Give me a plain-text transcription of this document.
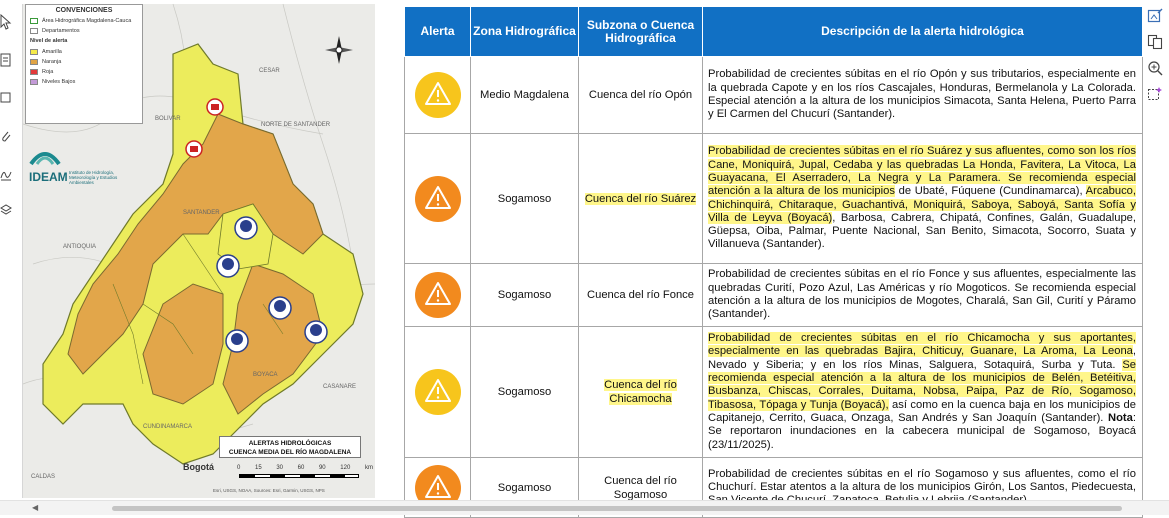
CONVENCIONES
Área Hidrográfica Magdalena-Cauca
Departamentos
Nivel de alerta
Amarilla
Naranja
Roja
Niveles Bajos
IDEAM Instituto de Hidrología, Meteorología y Estudios Ambientales
BOLIVAR
CESAR
NORTE DE SANTANDER
SANTANDER
ANTIOQUIA
BOYACA
CUNDINAMARCA
CASANARE
CALDAS
Bogotá
ALERTAS HIDROLÓGICAS
CUENCA MEDIA DEL RÍO MAGDALENA
0 15 30 60 90 120 km
Esri, USGS, NOAA, Sources: Esri, Garmin, USGS, NPS
Alerta	Zona Hidrográfica	Subzona o Cuenca Hidrográfica	Descripción de la alerta hidrológica

	Medio Magdalena	Cuenca del río Opón	Probabilidad de crecientes súbitas en el río Opón y sus tributarios, especialmente en la quebrada Capote y en los ríos Cascajales, Honduras, Bermelanola y La Colorada. Especial atención a la altura de los municipios Simacota, Santa Helena, Puerto Parra y El Carmen del Chucurí (Santander).

	Sogamoso	Cuenca del río Suárez	Probabilidad de crecientes súbitas en el río Suárez y sus afluentes, como son los ríos Cane, Moniquirá, Jupal, Cedaba y las quebradas La Honda, Favitera, La Vitoca, La Guayacana, El Aserradero, La Negra y La Paramera. Se recomienda especial atención a la altura de los municipios de Ubaté, Fúquene (Cundinamarca), Arcabuco, Chichinquirá, Chitaraque, Guachantivá, Moniquirá, Saboya, Saboyá, Santa Sofía y Villa de Leyva (Boyacá), Barbosa, Cabrera, Chipatá, Confines, Galán, Guadalupe, Güepsa, Oiba, Palmar, Puente Nacional, San Benito, Simacota, Socorro, Suata y Villanueva (Santander).

	Sogamoso	Cuenca del río Fonce	Probabilidad de crecientes súbitas en el río Fonce y sus afluentes, especialmente las quebradas Curití, Pozo Azul, Las Américas y río Mogoticos. Se recomienda especial atención a la altura de los municipios de Mogotes, Charalá, San Gil, Curití y Páramo (Santander).

	Sogamoso	Cuenca del río Chicamocha	Probabilidad de crecientes súbitas en el río Chicamocha y sus aportantes, especialmente en las quebradas Bajira, Chiticuy, Guanare, La Aroma, La Leona, Nevado y Siberia; y en los ríos Minas, Salguera, Sotaquirá, Surba y Tuta. Se recomienda especial atención a la altura de los municipios de Belén, Betéitiva, Busbanza, Chiscas, Corrales, Duitama, Nobsa, Paipa, Paz de Río, Sogamoso, Tibasosa, Tópaga y Tunja (Boyacá), así como en la cuenca baja en los municipios de Capitanejo, Cerrito, Guaca, Onzaga, San Andrés y San Joaquín (Santander). Nota: Se reportaron inundaciones en la cabecera municipal de Sogamoso, Boyacá (23/11/2025).

	Sogamoso	Cuenca del río Sogamoso	Probabilidad de crecientes súbitas en el río Sogamoso y sus afluentes, como el río Chuchurí. Estar atentos a la altura de los municipios Girón, Los Santos, Piedecuesta,
◀
